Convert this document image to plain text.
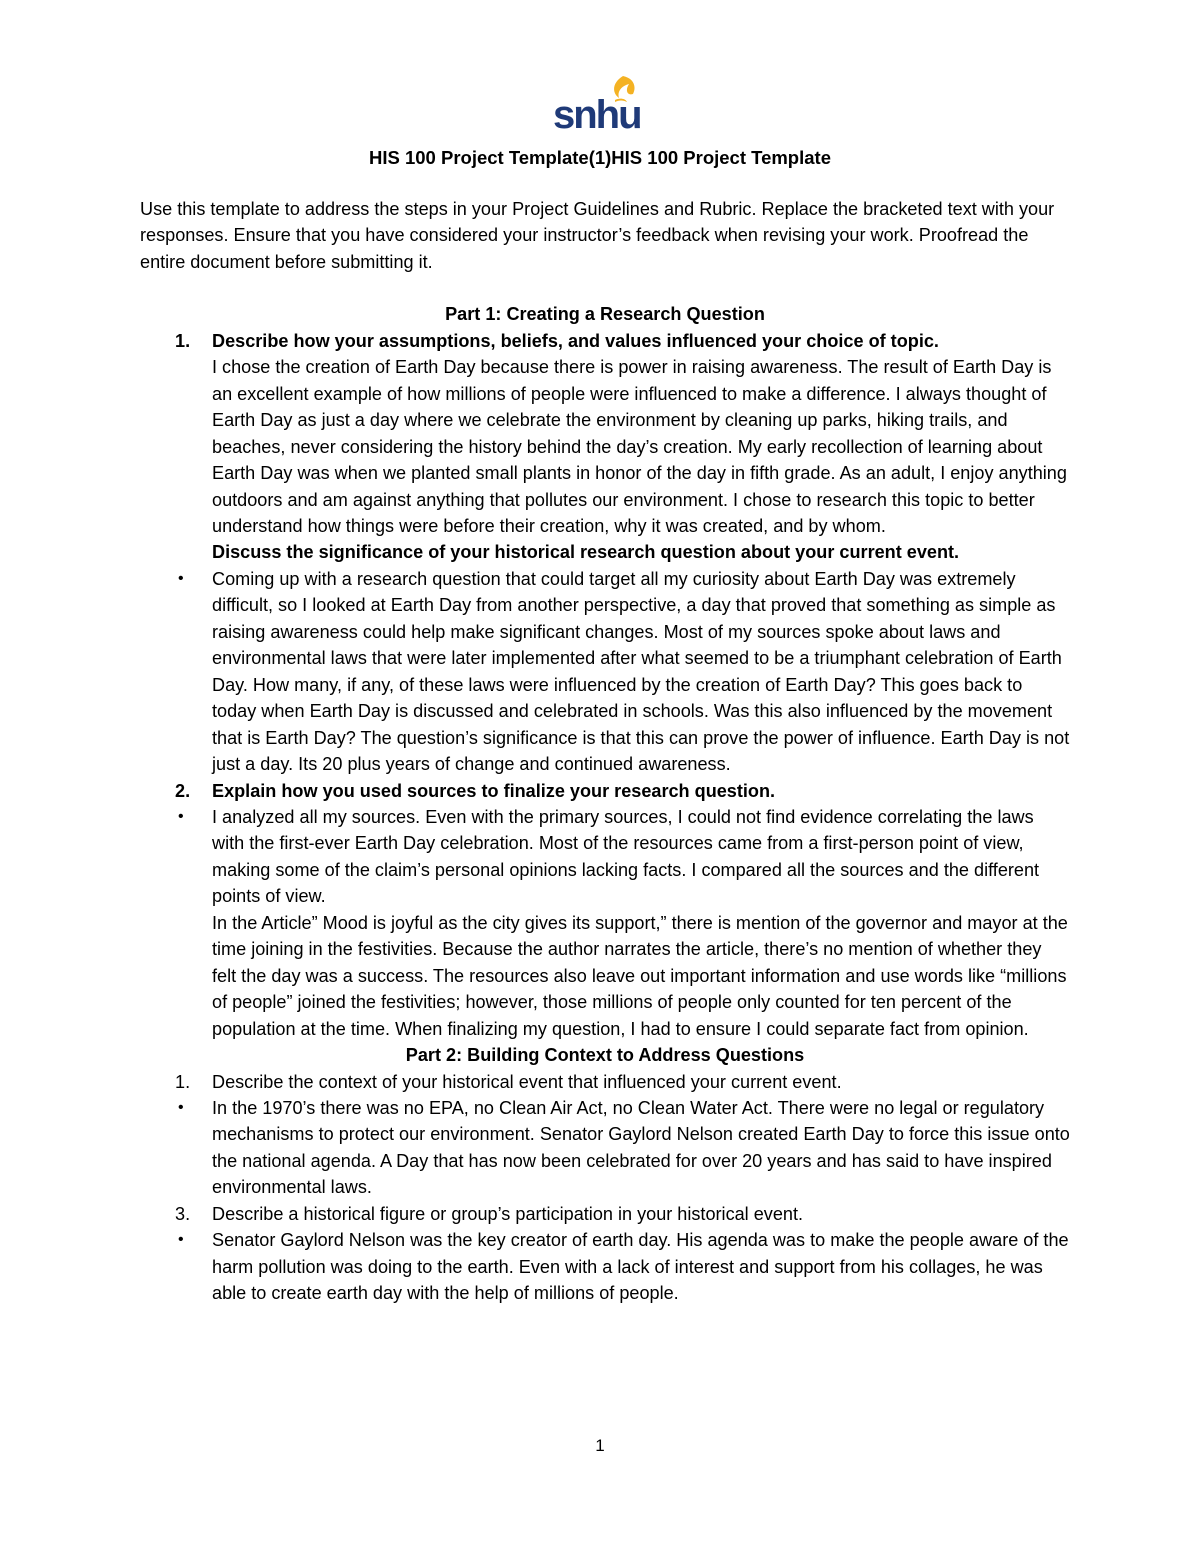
snhu
HIS 100 Project Template(1)HIS 100 Project Template

Use this template to address the steps in your Project Guidelines and Rubric. Replace the bracketed text with your responses. Ensure that you have considered your instructor’s feedback when revising your work. Proofread the entire document before submitting it.

Part 1: Creating a Research Question

1.	Describe how your assumptions, beliefs, and values influenced your choice of topic.

I chose the creation of Earth Day because there is power in raising awareness. The result of Earth Day is an excellent example of how millions of people were influenced to make a difference. I always thought of Earth Day as just a day where we celebrate the environment by cleaning up parks, hiking trails, and beaches, never considering the history behind the day’s creation. My early recollection of learning about Earth Day was when we planted small plants in honor of the day in fifth grade. As an adult, I enjoy anything outdoors and am against anything that pollutes our environment. I chose to research this topic to better understand how things were before their creation, why it was created, and by whom.

Discuss the significance of your historical research question about your current event.

•	Coming up with a research question that could target all my curiosity about Earth Day was extremely difficult, so I looked at Earth Day from another perspective, a day that proved that something as simple as raising awareness could help make significant changes. Most of my sources spoke about laws and environmental laws that were later implemented after what seemed to be a triumphant celebration of Earth Day. How many, if any, of these laws were influenced by the creation of Earth Day? This goes back to today when Earth Day is discussed and celebrated in schools. Was this also influenced by the movement that is Earth Day? The question’s significance is that this can prove the power of influence. Earth Day is not just a day. Its 20 plus years of change and continued awareness.
2.	Explain how you used sources to finalize your research question.
•	I analyzed all my sources. Even with the primary sources, I could not find evidence correlating the laws with the first-ever Earth Day celebration. Most of the resources came from a first-person point of view, making some of the claim’s personal opinions lacking facts. I compared all the sources and the different points of view.

In the Article” Mood is joyful as the city gives its support,” there is mention of the governor and mayor at the time joining in the festivities. Because the author narrates the article, there’s no mention of whether they felt the day was a success. The resources also leave out important information and use words like “millions of people” joined the festivities; however, those millions of people only counted for ten percent of the population at the time. When finalizing my question, I had to ensure I could separate fact from opinion.

Part 2: Building Context to Address Questions

1.	Describe the context of your historical event that influenced your current event.
•	In the 1970’s there was no EPA, no Clean Air Act, no Clean Water Act. There were no legal or regulatory mechanisms to protect our environment. Senator Gaylord Nelson created Earth Day to force this issue onto the national agenda. A Day that has now been celebrated for over 20 years and has said to have inspired environmental laws.
3.	Describe a historical figure or group’s participation in your historical event.
•	Senator Gaylord Nelson was the key creator of earth day. His agenda was to make the people aware of the harm pollution was doing to the earth. Even with a lack of interest and support from his collages, he was able to create earth day with the help of millions of people.
1
